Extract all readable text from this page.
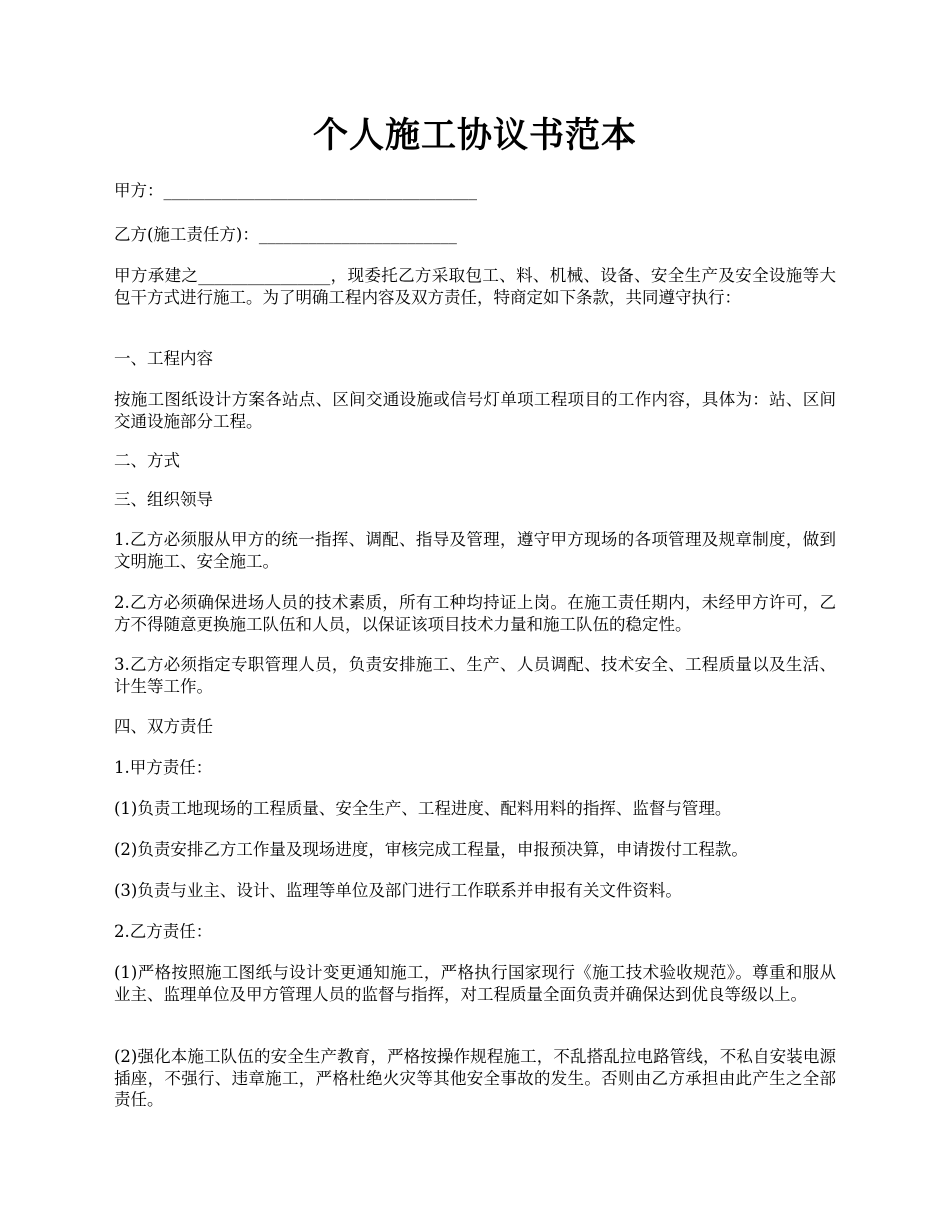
个人施工协议书范本

甲方：______________________________________

乙方(施工责任方)：________________________

甲方承建之________________，现委托乙方采取包工、料、机械、设备、安全生产及安全设施等大包干方式进行施工。为了明确工程内容及双方责任，特商定如下条款，共同遵守执行：

一、工程内容

按施工图纸设计方案各站点、区间交通设施或信号灯单项工程项目的工作内容，具体为：站、区间交通设施部分工程。

二、方式

三、组织领导

1.乙方必须服从甲方的统一指挥、调配、指导及管理，遵守甲方现场的各项管理及规章制度，做到文明施工、安全施工。

2.乙方必须确保进场人员的技术素质，所有工种均持证上岗。在施工责任期内，未经甲方许可，乙方不得随意更换施工队伍和人员，以保证该项目技术力量和施工队伍的稳定性。

3.乙方必须指定专职管理人员，负责安排施工、生产、人员调配、技术安全、工程质量以及生活、计生等工作。

四、双方责任

1.甲方责任：

(1)负责工地现场的工程质量、安全生产、工程进度、配料用料的指挥、监督与管理。

(2)负责安排乙方工作量及现场进度，审核完成工程量，申报预决算，申请拨付工程款。

(3)负责与业主、设计、监理等单位及部门进行工作联系并申报有关文件资料。

2.乙方责任：

(1)严格按照施工图纸与设计变更通知施工，严格执行国家现行《施工技术验收规范》。尊重和服从业主、监理单位及甲方管理人员的监督与指挥，对工程质量全面负责并确保达到优良等级以上。

(2)强化本施工队伍的安全生产教育，严格按操作规程施工，不乱搭乱拉电路管线，不私自安装电源插座，不强行、违章施工，严格杜绝火灾等其他安全事故的发生。否则由乙方承担由此产生之全部责任。
